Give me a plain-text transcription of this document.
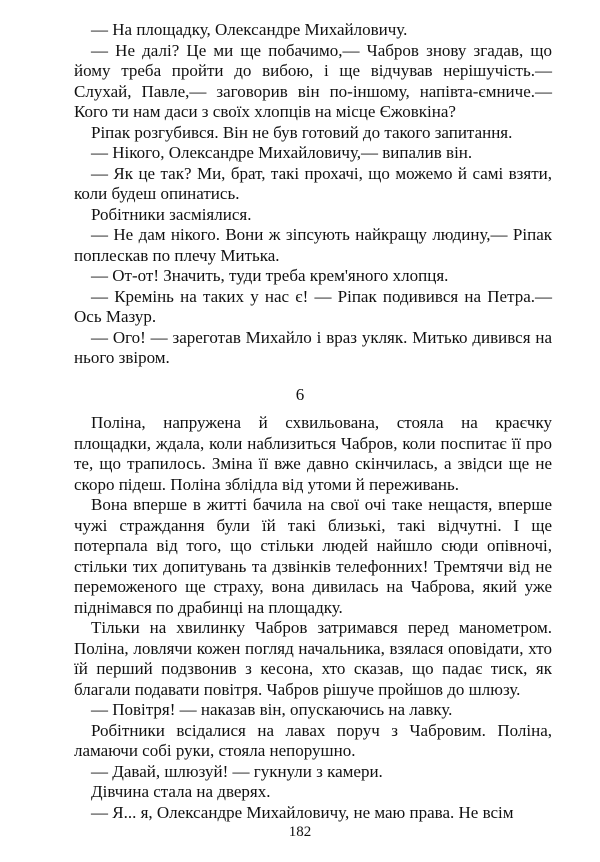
— На площадку, Олександре Михайловичу.

— Не далі? Це ми ще побачимо,— Чабров знову згадав, що йому треба пройти до вибою, і ще відчував нерішучість.— Слухай, Павле,— заговорив він по-іншому, напівта-ємниче.— Кого ти нам даси з своїх хлопців на місце Єжовкіна?

Ріпак розгубився. Він не був готовий до такого запитання.

— Нікого, Олександре Михайловичу,— випалив він.

— Як це так? Ми, брат, такі прохачі, що можемо й самі взяти, коли будеш опинатись.

Робітники засміялися.

— Не дам нікого. Вони ж зіпсують найкращу людину,— Ріпак поплескав по плечу Митька.

— От-от! Значить, туди треба крем'яного хлопця.

— Кремінь на таких у нас є! — Ріпак подивився на Петра.— Ось Мазур.

— Ого! — зареготав Михайло і враз укляк. Митько дивився на нього звіром.

6

Поліна, напружена й схвильована, стояла на краєчку площадки, ждала, коли наблизиться Чабров, коли поспитає її про те, що трапилось. Зміна її вже давно скінчилась, а звідси ще не скоро підеш. Поліна зблідла від утоми й переживань.

Вона вперше в житті бачила на свої очі таке нещастя, вперше чужі страждання були їй такі близькі, такі відчутні. І ще потерпала від того, що стільки людей найшло сюди опівночі, стільки тих допитувань та дзвінків телефонних! Тремтячи від не переможеного ще страху, вона дивилась на Чаброва, який уже піднімався по драбинці на площадку.

Тільки на хвилинку Чабров затримався перед манометром. Поліна, ловлячи кожен погляд начальника, взялася оповідати, хто їй перший подзвонив з кесона, хто сказав, що падає тиск, як благали подавати повітря. Чабров рішуче пройшов до шлюзу.

— Повітря! — наказав він, опускаючись на лавку.

Робітники всідалися на лавах поруч з Чабровим. Поліна, ламаючи собі руки, стояла непорушно.

— Давай, шлюзуй! — гукнули з камери.

Дівчина стала на дверях.

— Я... я, Олександре Михайловичу, не маю права. Не всім

182
